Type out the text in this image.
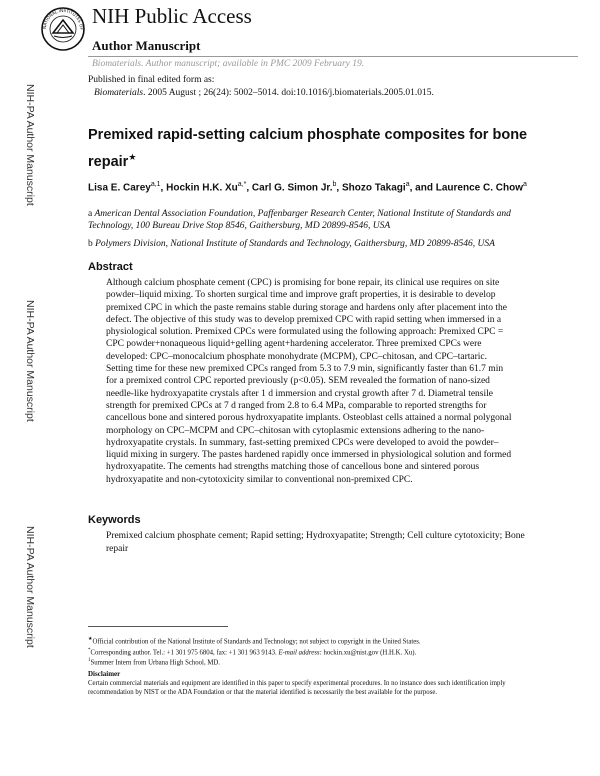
NATIONAL INSTITUTES OF
NIH Public Access
Author Manuscript
Biomaterials. Author manuscript; available in PMC 2009 February 19.
NIH-PA Author Manuscript
NIH-PA Author Manuscript
NIH-PA Author Manuscript
Published in final edited form as:
Biomaterials. 2005 August ; 26(24): 5002–5014. doi:10.1016/j.biomaterials.2005.01.015.
Premixed rapid-setting calcium phosphate composites for bone repair★
Lisa E. Carey$^{a,1}$, Hockin H.K. $Xu^{a,*}$, Carl G. Simon Jr.$^b$, Shozo Takagi$^a$, and Laurence C. Chow$^a$
a American Dental Association Foundation, Paffenbarger Research Center, National Institute of Standards and Technology, 100 Bureau Drive Stop 8546, Gaithersburg, MD 20899-8546, USA
b Polymers Division, National Institute of Standards and Technology, Gaithersburg, MD 20899-8546, USA
Abstract
Although calcium phosphate cement (CPC) is promising for bone repair, its clinical use requires on site powder–liquid mixing. To shorten surgical time and improve graft properties, it is desirable to develop premixed CPC in which the paste remains stable during storage and hardens only after placement into the defect. The objective of this study was to develop premixed CPC with rapid setting when immersed in a physiological solution. Premixed CPCs were formulated using the following approach: Premixed CPC = CPC powder+nonaqueous liquid+gelling agent+hardening accelerator. Three premixed CPCs were developed: CPC–monocalcium phosphate monohydrate (MCPM), CPC–chitosan, and CPC–tartaric. Setting time for these new premixed CPCs ranged from 5.3 to 7.9 min, significantly faster than 61.7 min for a premixed control CPC reported previously (p<0.05). SEM revealed the formation of nano-sized needle-like hydroxyapatite crystals after 1 d immersion and crystal growth after 7 d. Diametral tensile strength for premixed CPCs at 7 d ranged from 2.8 to 6.4 MPa, comparable to reported strengths for cancellous bone and sintered porous hydroxyapatite implants. Osteoblast cells attained a normal polygonal morphology on CPC–MCPM and CPC–chitosan with cytoplasmic extensions adhering to the nano-hydroxyapatite crystals. In summary, fast-setting premixed CPCs were developed to avoid the powder–liquid mixing in surgery. The pastes hardened rapidly once immersed in physiological solution and formed hydroxyapatite. The cements had strengths matching those of cancellous bone and sintered porous hydroxyapatite and non-cytotoxicity similar to conventional non-premixed CPC.
Keywords
Premixed calcium phosphate cement; Rapid setting; Hydroxyapatite; Strength; Cell culture cytotoxicity; Bone repair
★Official contribution of the National Institute of Standards and Technology; not subject to copyright in the United States.
*Corresponding author. Tel.: +1 301 975 6804, fax: +1 301 963 9143. E-mail address: hockin.xu@nist.gov (H.H.K. Xu).
$^1$Summer Intern from Urbana High School, MD.
Disclaimer
Certain commercial materials and equipment are identified in this paper to specify experimental procedures. In no instance does such identification imply recommendation by NIST or the ADA Foundation or that the material identified is necessarily the best available for the purpose.
